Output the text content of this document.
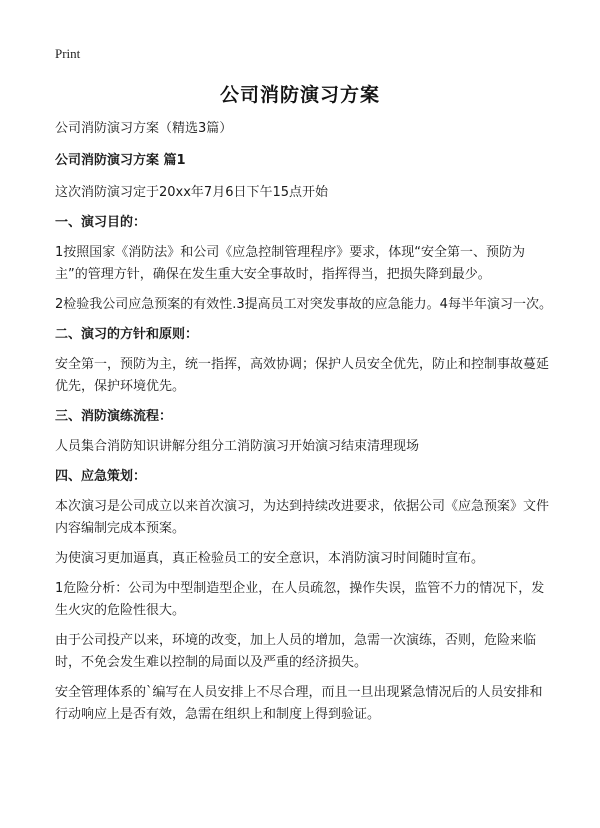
Print
公司消防演习方案

公司消防演习方案（精选3篇）

公司消防演习方案 篇1

这次消防演习定于20xx年7月6日下午15点开始

一、演习目的：

1按照国家《消防法》和公司《应急控制管理程序》要求，体现“安全第一、预防为主”的管理方针，确保在发生重大安全事故时，指挥得当，把损失降到最少。

2检验我公司应急预案的有效性.3提高员工对突发事故的应急能力。4每半年演习一次。

二、演习的方针和原则：

安全第一，预防为主，统一指挥，高效协调；保护人员安全优先，防止和控制事故蔓延优先，保护环境优先。

三、消防演练流程：

人员集合消防知识讲解分组分工消防演习开始演习结束清理现场

四、应急策划：

本次演习是公司成立以来首次演习，为达到持续改进要求，依据公司《应急预案》文件内容编制完成本预案。

为使演习更加逼真，真正检验员工的安全意识，本消防演习时间随时宣布。

1危险分析：公司为中型制造型企业，在人员疏忽，操作失误，监管不力的情况下，发生火灾的危险性很大。

由于公司投产以来，环境的改变，加上人员的增加，急需一次演练，否则，危险来临时，不免会发生难以控制的局面以及严重的经济损失。

安全管理体系的`编写在人员安排上不尽合理，而且一旦出现紧急情况后的人员安排和行动响应上是否有效，急需在组织上和制度上得到验证。
